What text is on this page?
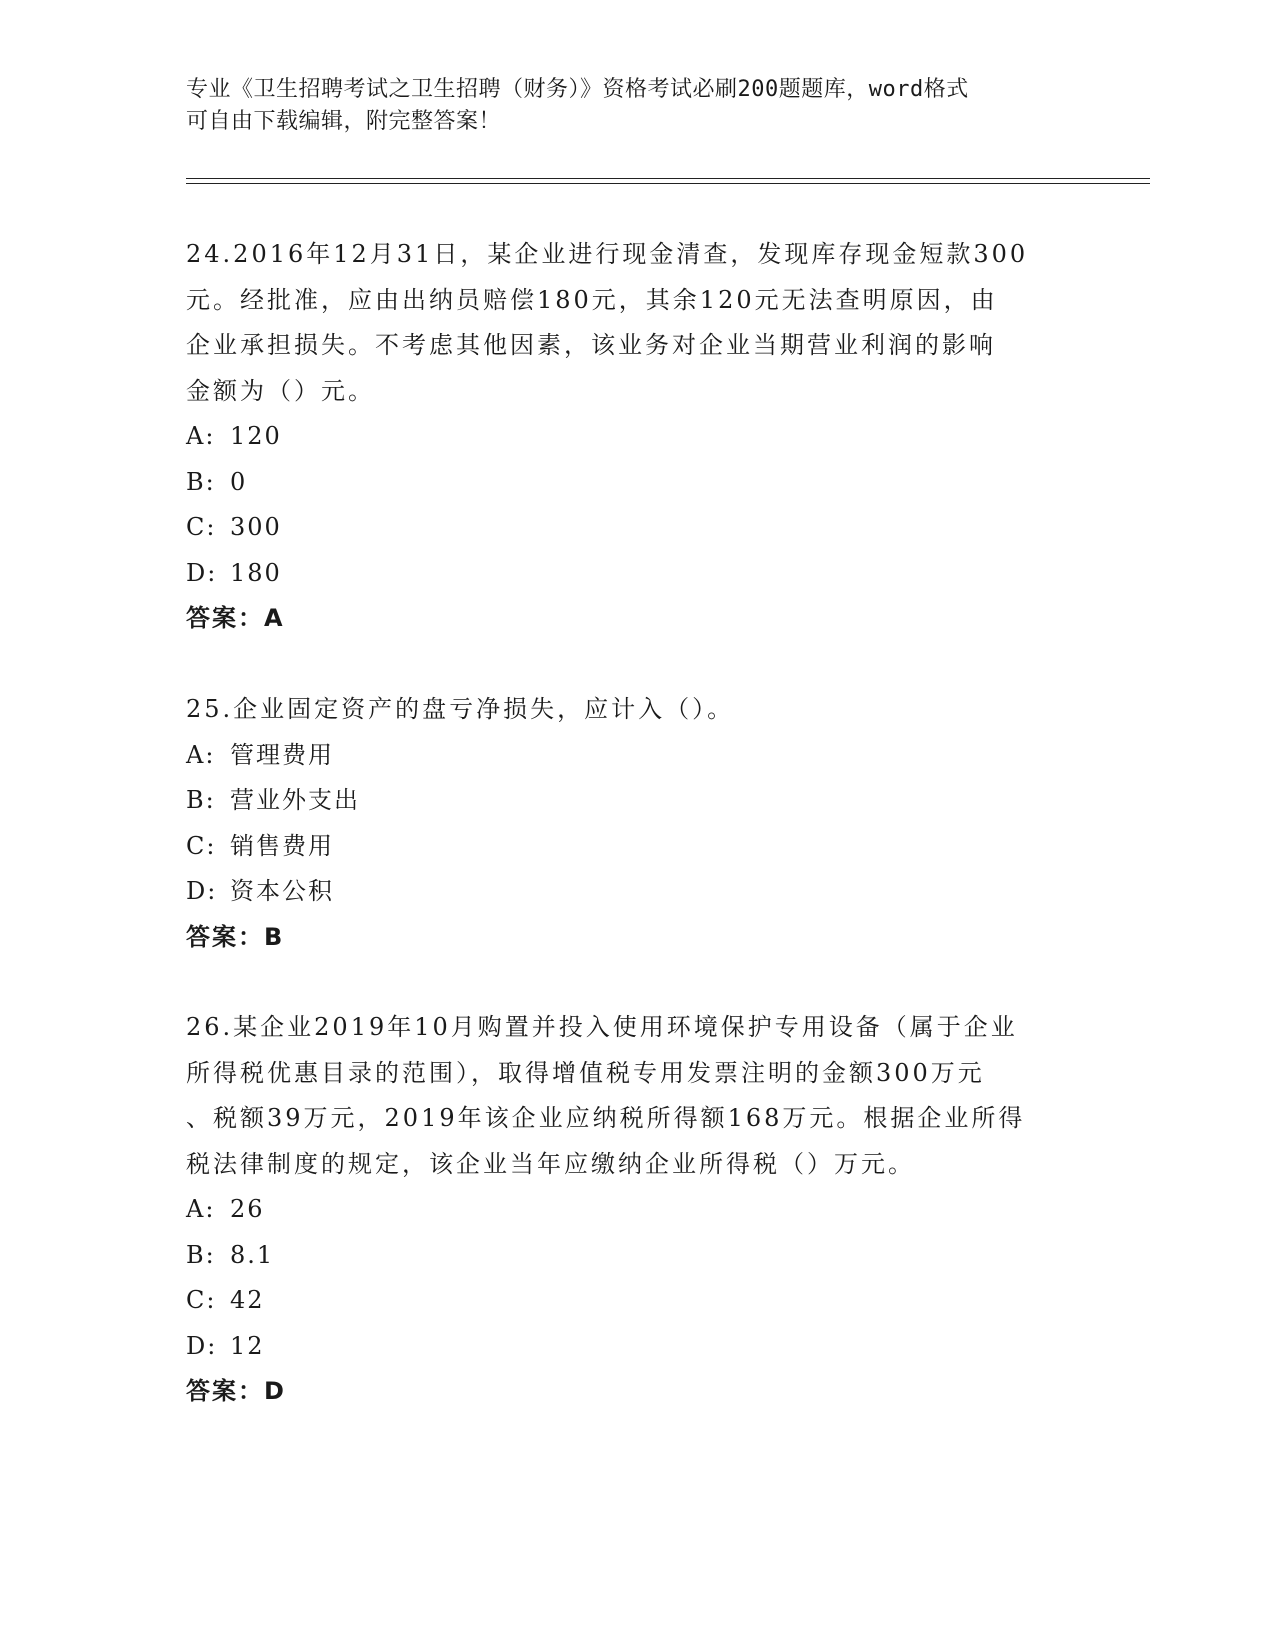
专业《卫生招聘考试之卫生招聘（财务）》资格考试必刷200题题库，word格式
可自由下载编辑，附完整答案！
24.2016年12月31日，某企业进行现金清查，发现库存现金短款300
元。经批准，应由出纳员赔偿180元，其余120元无法查明原因，由
企业承担损失。不考虑其他因素，该业务对企业当期营业利润的影响
金额为（）元。
A: 120
B: 0
C: 300
D: 180
答案：A
25.企业固定资产的盘亏净损失，应计入（）。
A: 管理费用
B: 营业外支出
C: 销售费用
D: 资本公积
答案：B
26.某企业2019年10月购置并投入使用环境保护专用设备（属于企业
所得税优惠目录的范围），取得增值税专用发票注明的金额300万元
、税额39万元，2019年该企业应纳税所得额168万元。根据企业所得
税法律制度的规定，该企业当年应缴纳企业所得税（）万元。
A: 26
B: 8.1
C: 42
D: 12
答案：D
